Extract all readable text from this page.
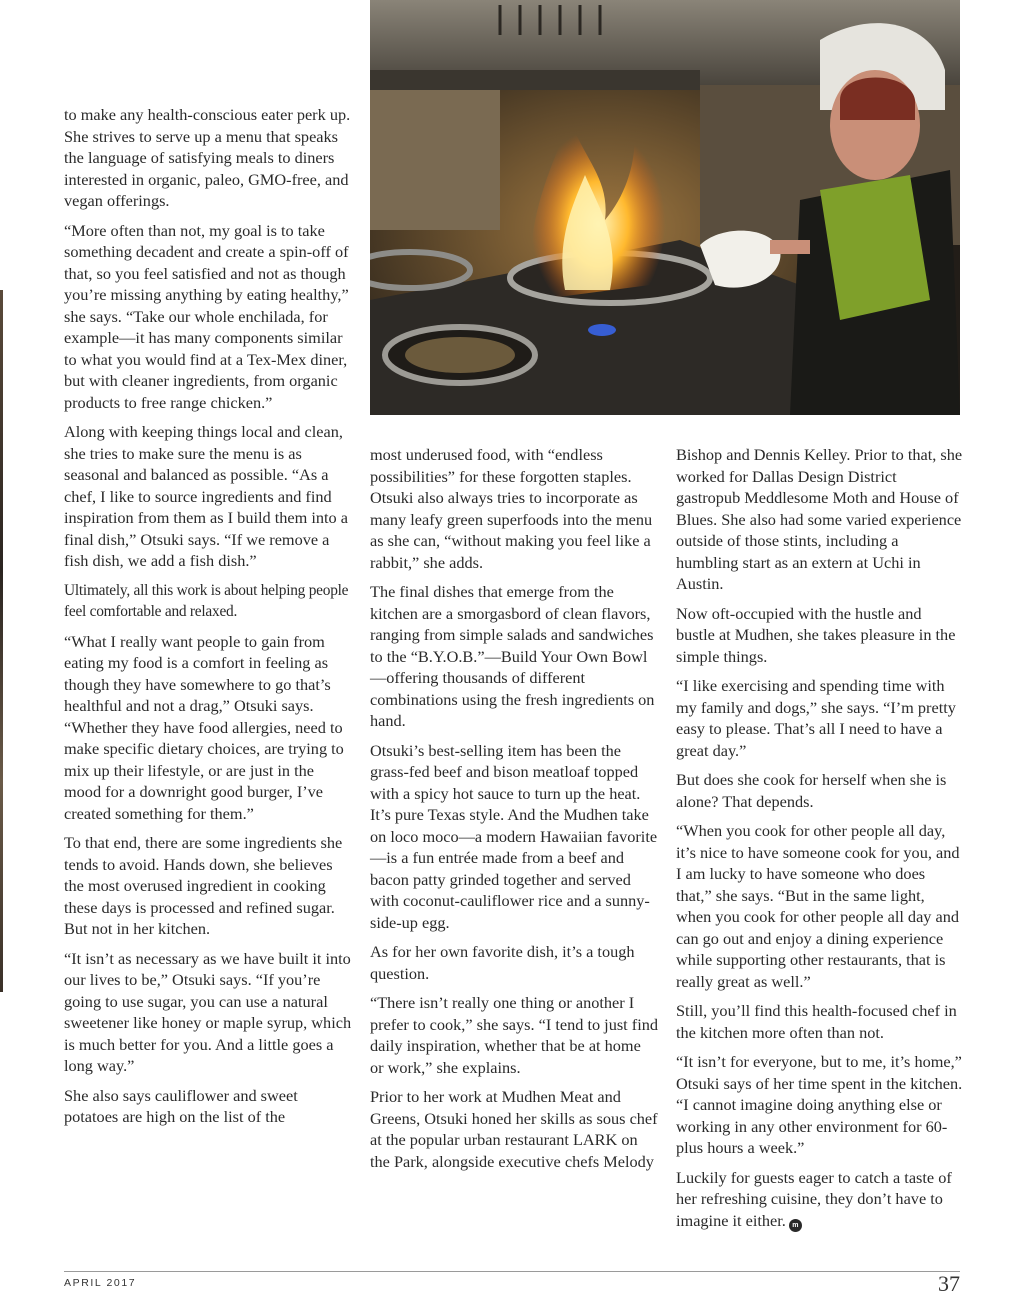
to make any health-conscious eater perk up. She strives to serve up a menu that speaks the language of satisfying meals to diners interested in organic, paleo, GMO-free, and vegan offerings.

“More often than not, my goal is to take something decadent and create a spin-off of that, so you feel satisfied and not as though you’re missing anything by eating healthy,” she says. “Take our whole enchilada, for example—it has many components similar to what you would find at a Tex-Mex diner, but with cleaner ingredients, from organic products to free range chicken.”

Along with keeping things local and clean, she tries to make sure the menu is as seasonal and balanced as possible. “As a chef, I like to source ingredients and find inspiration from them as I build them into a final dish,” Otsuki says. “If we remove a fish dish, we add a fish dish.”

Ultimately, all this work is about helping people feel comfortable and relaxed.

“What I really want people to gain from eating my food is a comfort in feeling as though they have somewhere to go that’s healthful and not a drag,” Otsuki says. “Whether they have food allergies, need to make specific dietary choices, are trying to mix up their lifestyle, or are just in the mood for a downright good burger, I’ve created something for them.”

To that end, there are some ingredients she tends to avoid. Hands down, she believes the most overused ingredient in cooking these days is processed and refined sugar. But not in her kitchen.

“It isn’t as necessary as we have built it into our lives to be,” Otsuki says. “If you’re going to use sugar, you can use a natural sweetener like honey or maple syrup, which is much better for you. And a little goes a long way.”

She also says cauliflower and sweet potatoes are high on the list of the

most underused food, with “endless possibilities” for these forgotten staples. Otsuki also always tries to incorporate as many leafy green superfoods into the menu as she can, “without making you feel like a rabbit,” she adds.

The final dishes that emerge from the kitchen are a smorgasbord of clean flavors, ranging from simple salads and sandwiches to the “B.Y.O.B.”—Build Your Own Bowl—offering thousands of different combinations using the fresh ingredients on hand.

Otsuki’s best-selling item has been the grass-fed beef and bison meatloaf topped with a spicy hot sauce to turn up the heat. It’s pure Texas style. And the Mudhen take on loco moco—a modern Hawaiian favorite—is a fun entrée made from a beef and bacon patty grinded together and served with coconut-cauliflower rice and a sunny-side-up egg.

As for her own favorite dish, it’s a tough question.

“There isn’t really one thing or another I prefer to cook,” she says. “I tend to just find daily inspiration, whether that be at home or work,” she explains.

Prior to her work at Mudhen Meat and Greens, Otsuki honed her skills as sous chef at the popular urban restaurant LARK on the Park, alongside executive chefs Melody

Bishop and Dennis Kelley. Prior to that, she worked for Dallas Design District gastropub Meddlesome Moth and House of Blues. She also had some varied experience outside of those stints, including a humbling start as an extern at Uchi in Austin.

Now oft-occupied with the hustle and bustle at Mudhen, she takes pleasure in the simple things.

“I like exercising and spending time with my family and dogs,” she says. “I’m pretty easy to please. That’s all I need to have a great day.”

But does she cook for herself when she is alone? That depends.

“When you cook for other people all day, it’s nice to have someone cook for you, and I am lucky to have someone who does that,” she says. “But in the same light, when you cook for other people all day and can go out and enjoy a dining experience while supporting other restaurants, that is really great as well.”

Still, you’ll find this health-focused chef in the kitchen more often than not.

“It isn’t for everyone, but to me, it’s home,” Otsuki says of her time spent in the kitchen. “I cannot imagine doing anything else or working in any other environment for 60-plus hours a week.”

Luckily for guests eager to catch a taste of her refreshing cuisine, they don’t have to imagine it either. m

APRIL 2017	37
